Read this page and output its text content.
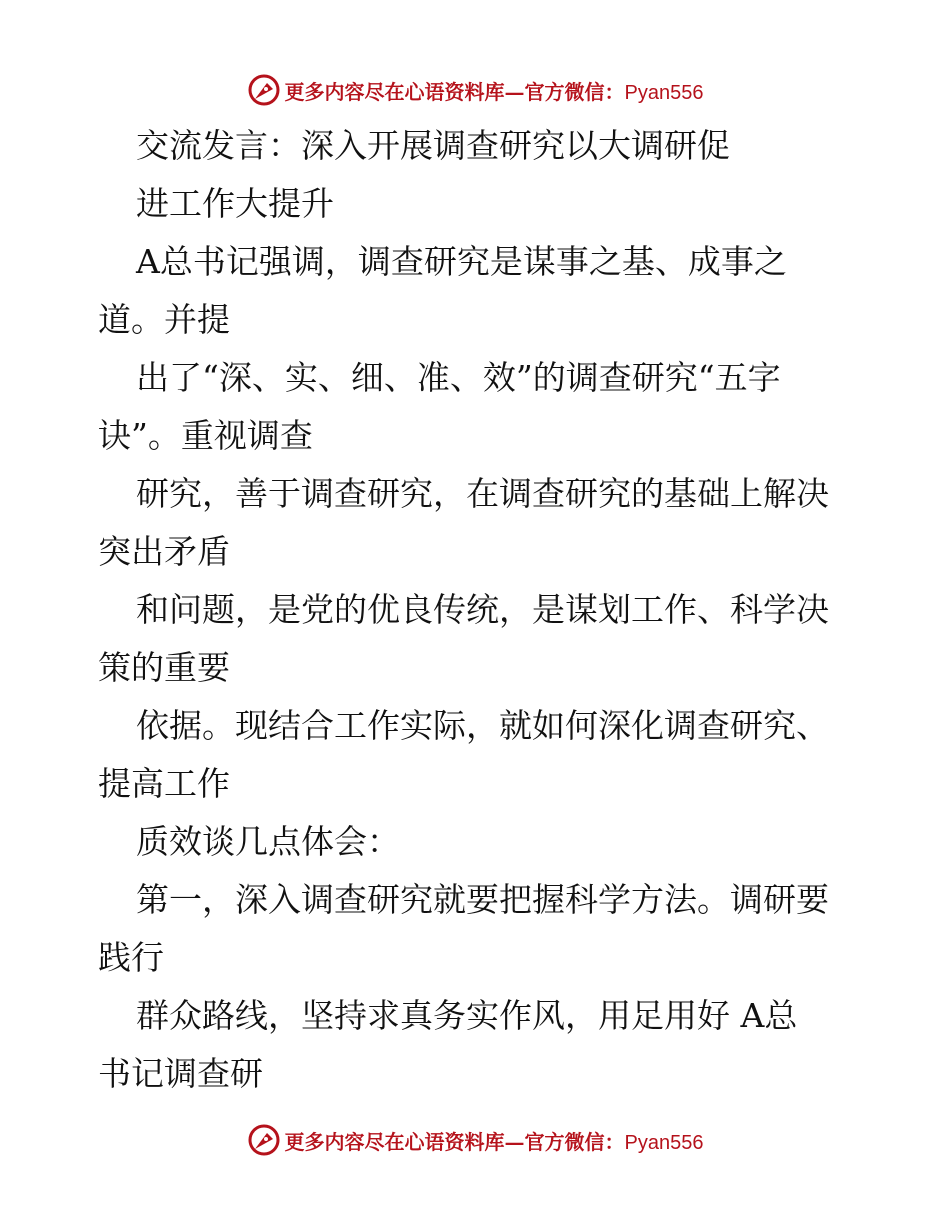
更多内容尽在心语资料库—官方微信：Pyan556
交流发言：深入开展调查研究以大调研促
进工作大提升
A总书记强调，调查研究是谋事之基、成事之
道。并提
出了“深、实、细、准、效”的调查研究“五字
诀”。重视调查
研究，善于调查研究，在调查研究的基础上解决
突出矛盾
和问题，是党的优良传统，是谋划工作、科学决
策的重要
依据。现结合工作实际，就如何深化调查研究、
提高工作
质效谈几点体会：
第一，深入调查研究就要把握科学方法。调研要
践行
群众路线，坚持求真务实作风，用足用好 A总
书记调查研
更多内容尽在心语资料库—官方微信：Pyan556
